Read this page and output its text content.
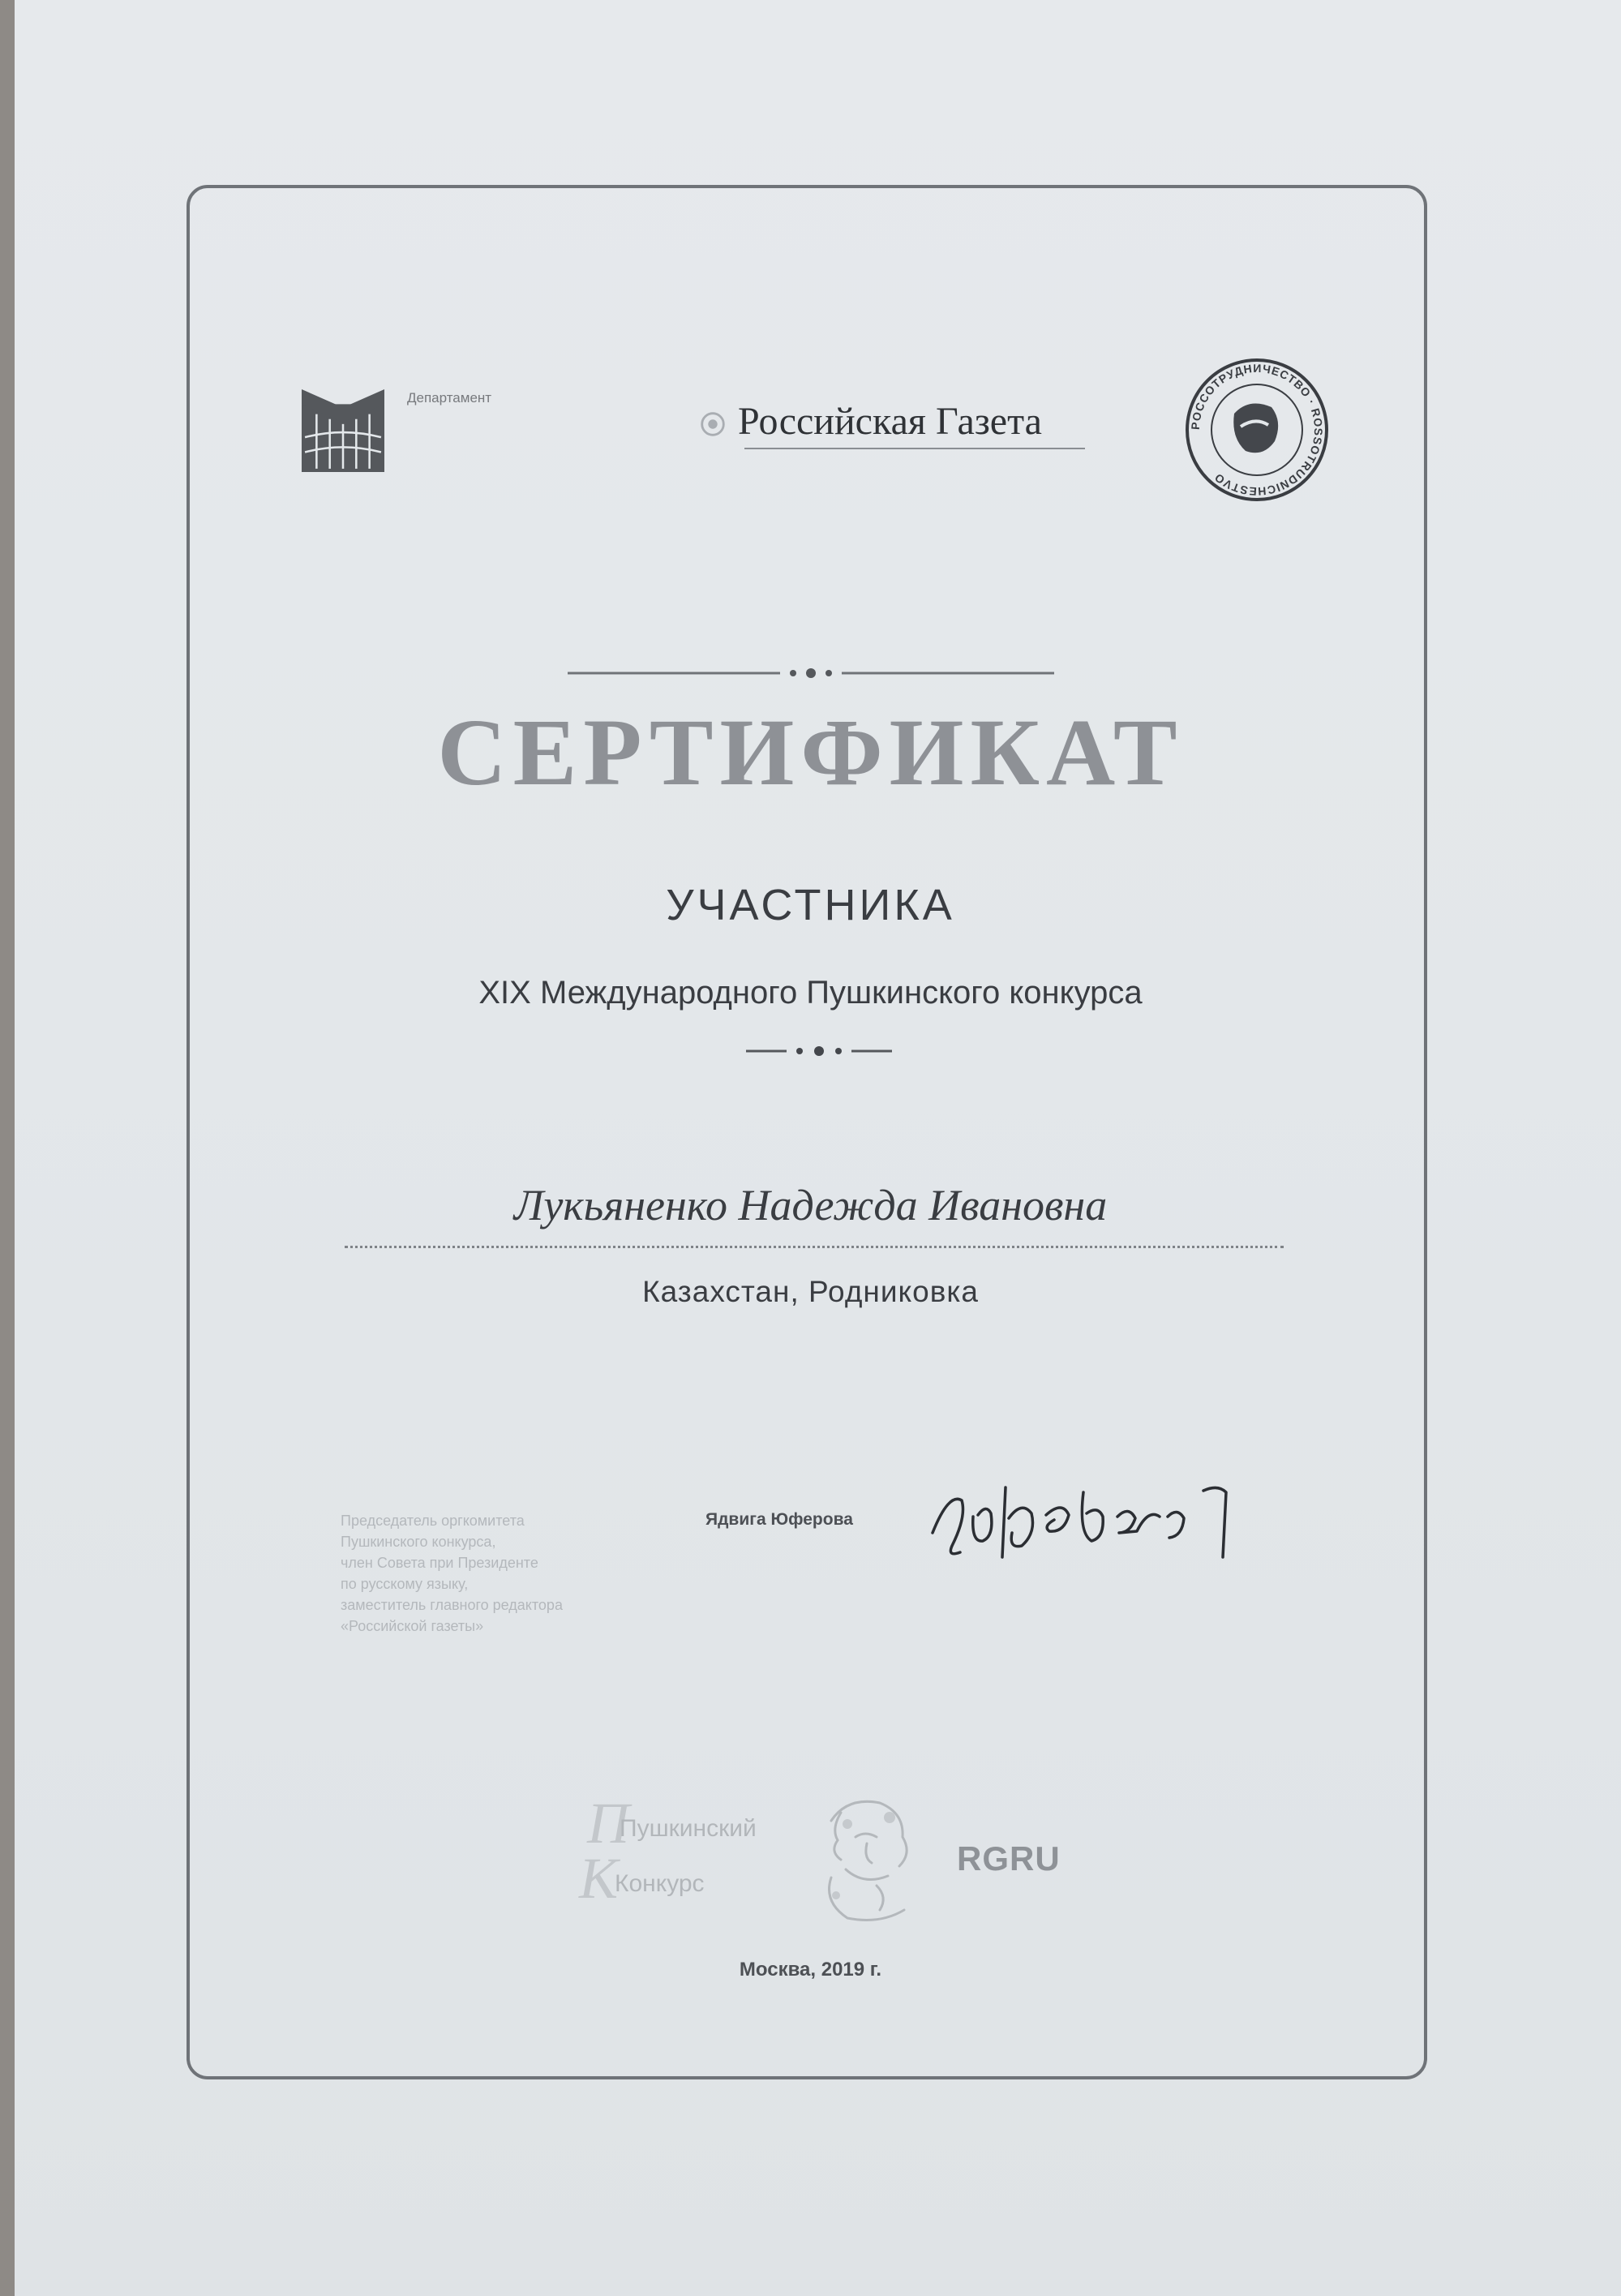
Департамент
Российская Газета	РОССОТРУДНИЧЕСТВО · ROSSOTRUDNICHESTVO
СЕРТИФИКАТ
УЧАСТНИКА
XIX Международного Пушкинского конкурса
Лукьяненко Надежда Ивановна
Казахстан, Родниковка
Председатель оргкомитета
Пушкинского конкурса,
член Совета при Президенте
по русскому языку,
заместитель главного редактора
«Российской газеты»
Ядвига Юферова
П
Пушкинский
К
Конкурс
RGRU
Москва, 2019 г.
